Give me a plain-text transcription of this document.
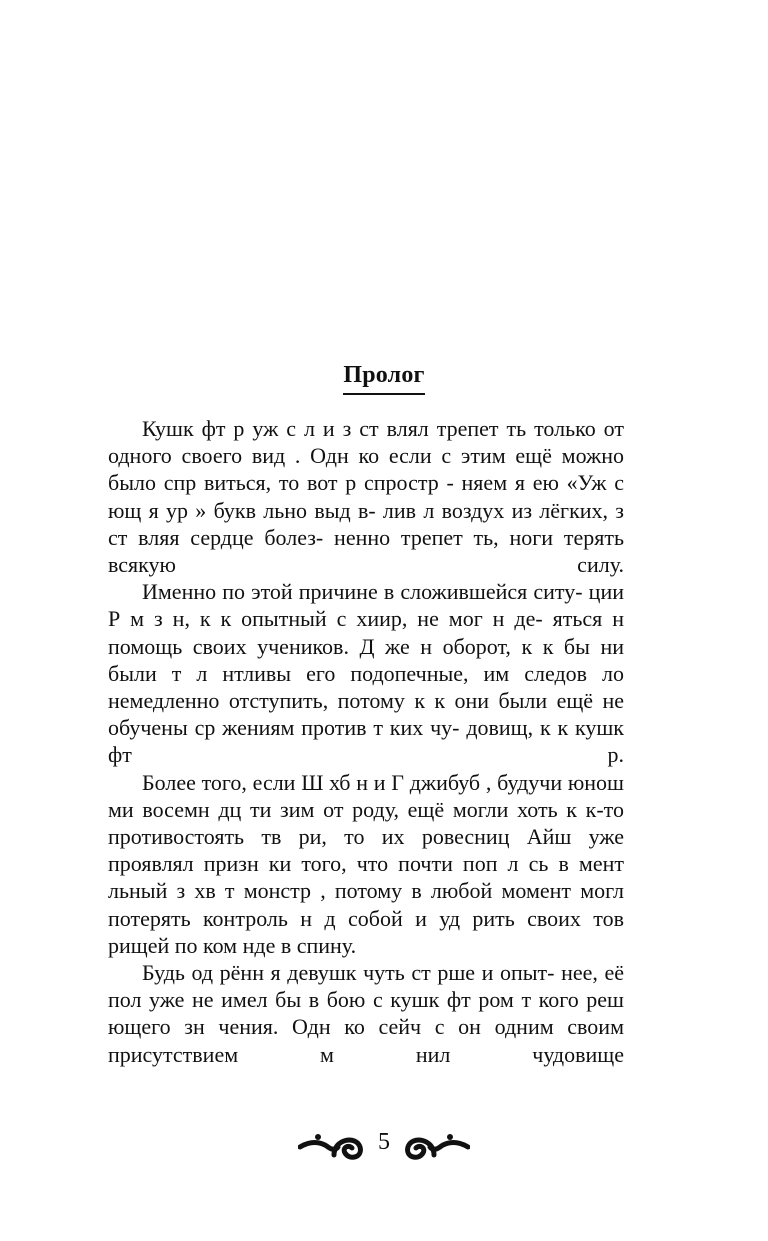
Пролог

Кушк фт р уж с л и з ст влял трепет ть только от одного своего вид . Одн ко если с этим ещё можно было спр виться, то вот р спростр - няем я ею «Уж с ющ я ур » букв льно выд в- лив л воздух из лёгких, з ст вляя сердце болез- ненно трепет ть, ноги терять всякую силу.

Именно по этой причине в сложившейся ситу- ции Р м з н, к к опытный с хиир, не мог н де- яться н помощь своих учеников. Д же н оборот, к к бы ни были т л нтливы его подопечные, им следов ло немедленно отступить, потому к к они были ещё не обучены ср жениям против т ких чу- довищ, к к кушк фт р.

Более того, если Ш хб н и Г джибуб , будучи юнош ми восемн дц ти зим от роду, ещё могли хоть к к-то противостоять тв ри, то их ровесниц Айш уже проявлял призн ки того, что почти поп л сь в мент льный з хв т монстр , потому в любой момент могл потерять контроль н д собой и уд рить своих тов рищей по ком нде в спину.

Будь од рённ я девушк чуть ст рше и опыт- нее, её пол уже не имел бы в бою с кушк фт ром т кого реш ющего зн чения. Одн ко сейч с он одним своим присутствием м нил чудовище

5
